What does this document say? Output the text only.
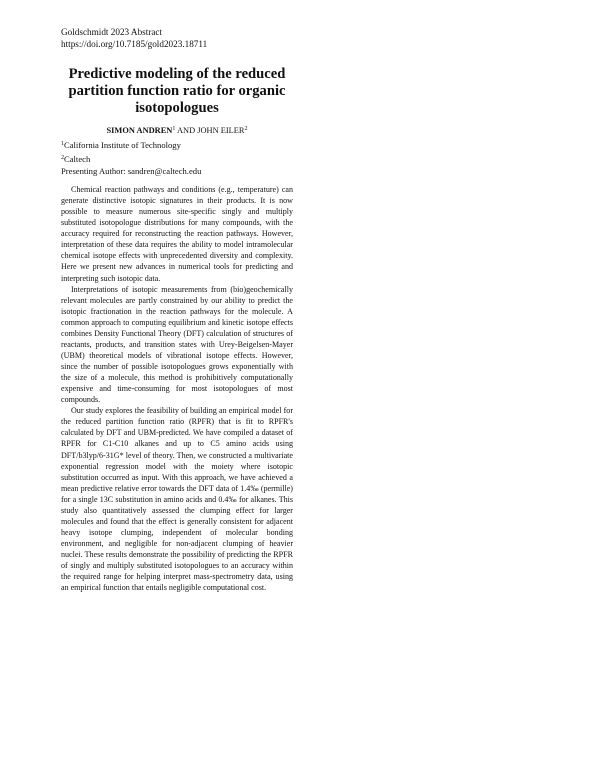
Goldschmidt 2023 Abstract
https://doi.org/10.7185/gold2023.18711
Predictive modeling of the reduced partition function ratio for organic isotopologues
SIMON ANDREN$^1$ AND JOHN EILER$^2$
$^1$California Institute of Technology
$^2$Caltech
Presenting Author: sandren@caltech.edu

Chemical reaction pathways and conditions (e.g., temperature) can generate distinctive isotopic signatures in their products. It is now possible to measure numerous site-specific singly and multiply substituted isotopologue distributions for many compounds, with the accuracy required for reconstructing the reaction pathways. However, interpretation of these data requires the ability to model intramolecular chemical isotope effects with unprecedented diversity and complexity. Here we present new advances in numerical tools for predicting and interpreting such isotopic data.

Interpretations of isotopic measurements from (bio)geochemically relevant molecules are partly constrained by our ability to predict the isotopic fractionation in the reaction pathways for the molecule. A common approach to computing equilibrium and kinetic isotope effects combines Density Functional Theory (DFT) calculation of structures of reactants, products, and transition states with Urey-Beigelsen-Mayer (UBM) theoretical models of vibrational isotope effects. However, since the number of possible isotopologues grows exponentially with the size of a molecule, this method is prohibitively computationally expensive and time-consuming for most isotopologues of most compounds.

Our study explores the feasibility of building an empirical model for the reduced partition function ratio (RPFR) that is fit to RPFR's calculated by DFT and UBM-predicted. We have compiled a dataset of RPFR for C1-C10 alkanes and up to C5 amino acids using DFT/b3lyp/6-31G* level of theory. Then, we constructed a multivariate exponential regression model with the moiety where isotopic substitution occurred as input. With this approach, we have achieved a mean predictive relative error towards the DFT data of 1.4‰ (permille) for a single 13C substitution in amino acids and 0.4‰ for alkanes. This study also quantitatively assessed the clumping effect for larger molecules and found that the effect is generally consistent for adjacent heavy isotope clumping, independent of molecular bonding environment, and negligible for non-adjacent clumping of heavier nuclei. These results demonstrate the possibility of predicting the RPFR of singly and multiply substituted isotopologues to an accuracy within the required range for helping interpret mass-spectrometry data, using an empirical function that entails negligible computational cost.
